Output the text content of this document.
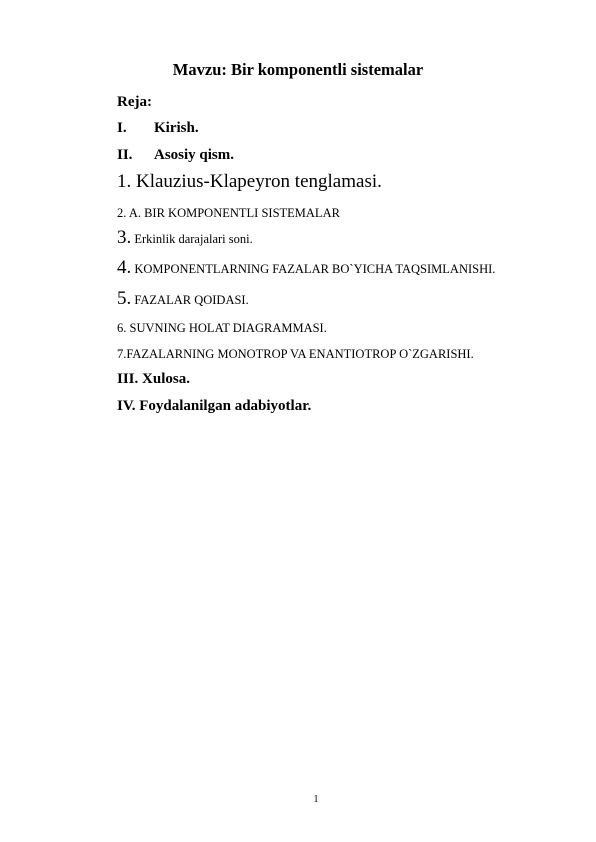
Mavzu: Bir komponentli sistemalar
Reja:
I. Kirish.
II. Asosiy qism.
1. Klauzius-Klapeyron tenglamasi.
2. A. BIR KOMPONENTLI SISTEMALAR
3. Erkinlik darajalari soni.
4. KOMPONENTLARNING FAZALAR BO`YICHA TAQSIMLANISHI.
5. FAZALAR QOIDASI.
6. SUVNING HOLAT DIAGRAMMASI.
7.FAZALARNING MONOTROP VA ENANTIOTROP O`ZGARISHI.
III. Xulosa.
IV. Foydalanilgan adabiyotlar.
1
